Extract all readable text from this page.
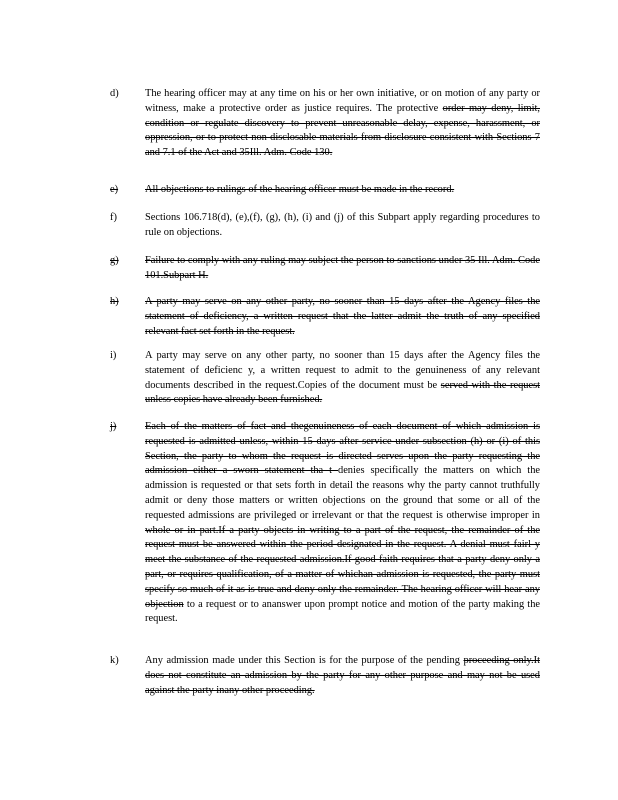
d)	The hearing officer may at any time on his or her own initiative, or on motion of any party or witness, make a protective order as justice requires. The protective order may deny, limit, condition or regulate discovery to prevent unreasonable delay, expense, harassment, or oppression, or to protect non disclosable materials from disclosure consistent with Sections 7 and 7.1 of the Act and 35Ill. Adm. Code 130.
e)	All objections to rulings of the hearing officer must be made in the record.
f)	Sections 106.718(d), (e),(f), (g), (h), (i) and (j) of this Subpart apply regarding procedures to rule on objections.
g)	Failure to comply with any ruling may subject the person to sanctions under 35 Ill. Adm. Code 101.Subpart H.
h)	A party may serve on any other party, no sooner than 15 days after the Agency files the statement of deficiency, a written request that the latter admit the truth of any specified relevant fact set forth in the request.
i)	A party may serve on any other party, no sooner than 15 days after the Agency files the statement of deficienc y, a written request to admit to the genuineness of any relevant documents described in the request.Copies of the document must be served with the request unless copies have already been furnished.
j)	Each of the matters of fact and thegenuineness of each document of which admission is requested is admitted unless, within 15 days after service under subsection (h) or (i) of this Section, the party to whom the request is directed serves upon the party requesting the admission either a sworn statement tha t denies specifically the matters on which the admission is requested or that sets forth in detail the reasons why the party cannot truthfully admit or deny those matters or written objections on the ground that some or all of the requested admissions are privileged or irrelevant or that the request is otherwise improper in whole or in part.If a party objects in writing to a part of the request, the remainder of the request must be answered within the period designated in the request. A denial must fairl y meet the substance of the requested admission.If good faith requires that a party deny only a part, or requires qualification, of a matter of whichan admission is requested, the party must specify so much of it as is true and deny only the remainder. The hearing officer will hear any objection to a request or to ananswer upon prompt notice and motion of the party making the request.
k)	Any admission made under this Section is for the purpose of the pending proceeding only.It does not constitute an admission by the party for any other purpose and may not be used against the party inany other proceeding.
